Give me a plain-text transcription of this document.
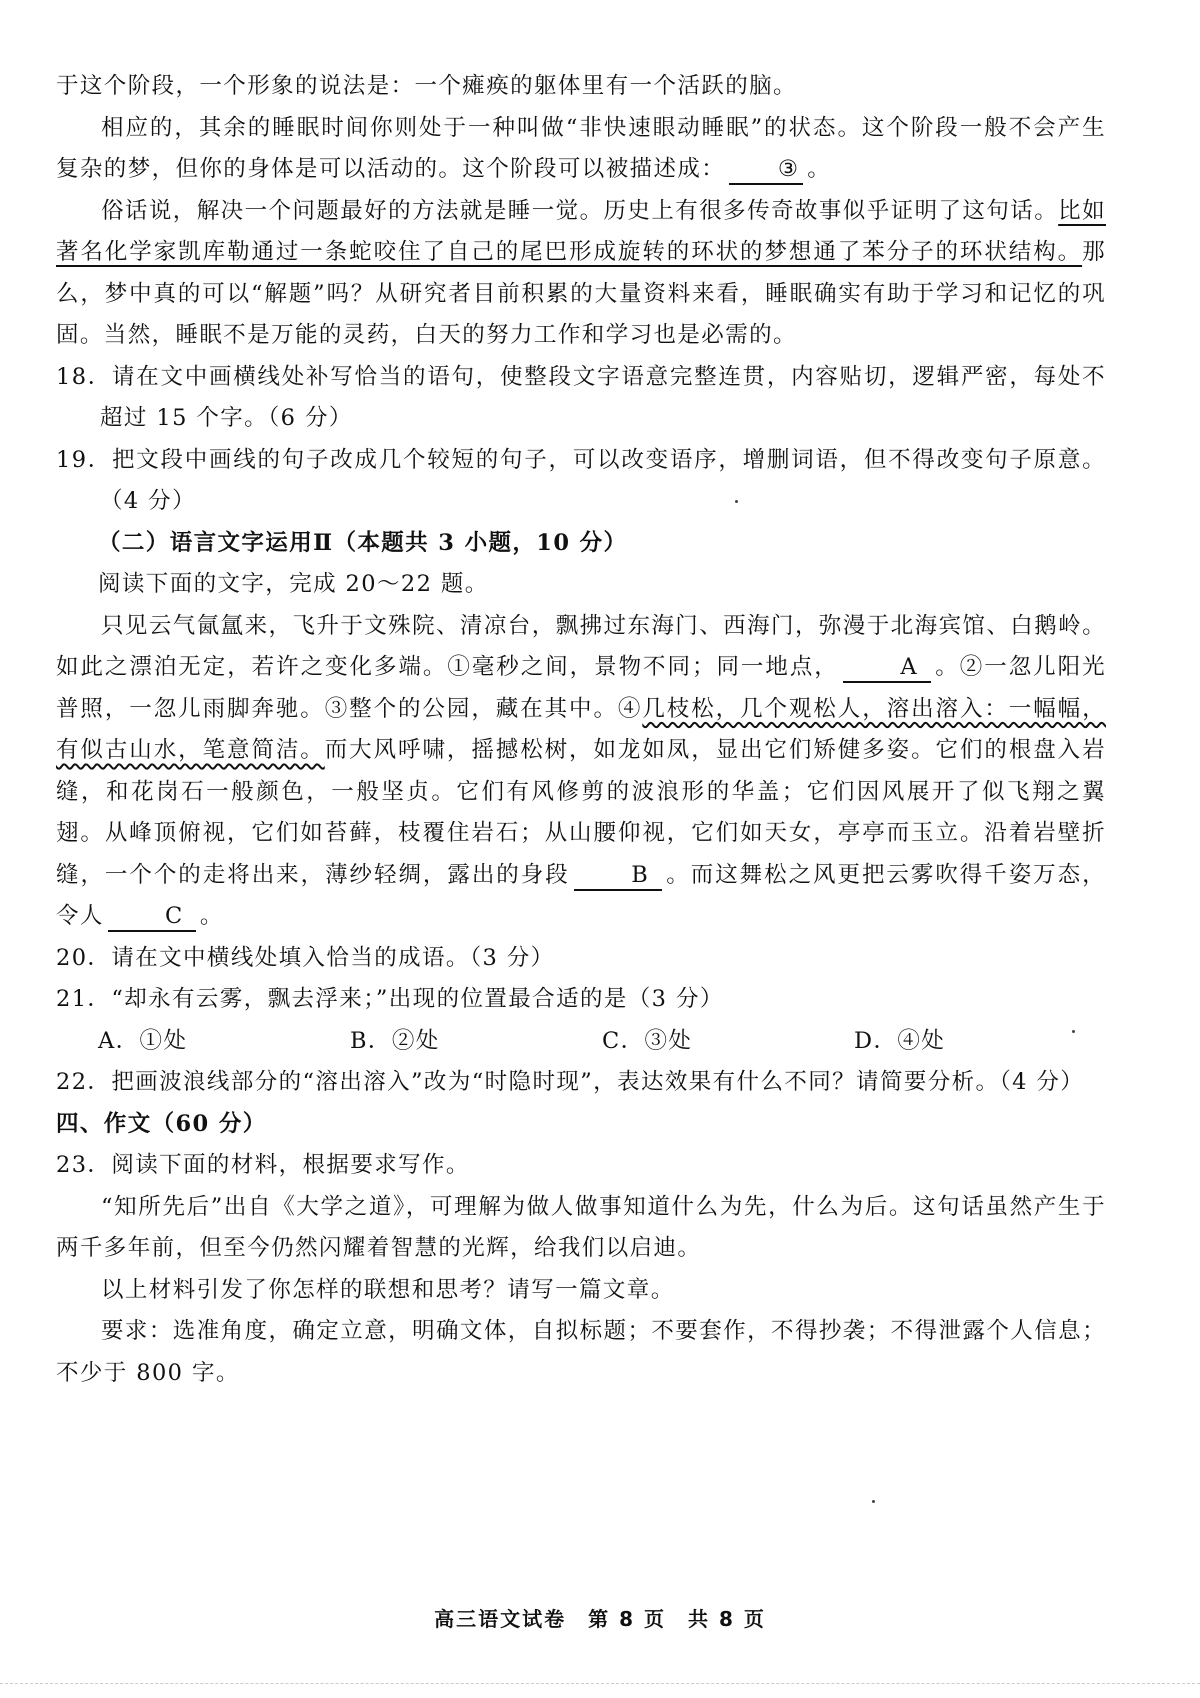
于这个阶段，一个形象的说法是：一个瘫痪的躯体里有一个活跃的脑。

相应的，其余的睡眠时间你则处于一种叫做“非快速眼动睡眠”的状态。这个阶段一般不会产生复杂的梦，但你的身体是可以活动的。这个阶段可以被描述成： ③ 。

俗话说，解决一个问题最好的方法就是睡一觉。历史上有很多传奇故事似乎证明了这句话。比如著名化学家凯库勒通过一条蛇咬住了自己的尾巴形成旋转的环状的梦想通了苯分子的环状结构。那么，梦中真的可以“解题”吗？从研究者目前积累的大量资料来看，睡眠确实有助于学习和记忆的巩固。当然，睡眠不是万能的灵药，白天的努力工作和学习也是必需的。

18．请在文中画横线处补写恰当的语句，使整段文字语意完整连贯，内容贴切，逻辑严密，每处不超过 15 个字。（6 分）

19．把文段中画线的句子改成几个较短的句子，可以改变语序，增删词语，但不得改变句子原意。（4 分）

（二）语言文字运用Ⅱ（本题共 3 小题，10 分）

阅读下面的文字，完成 20～22 题。

只见云气氤氲来，飞升于文殊院、清凉台，飘拂过东海门、西海门，弥漫于北海宾馆、白鹅岭。如此之漂泊无定，若许之变化多端。①毫秒之间，景物不同；同一地点，	A 。②一忽儿阳光普照，一忽儿雨脚奔驰。③整个的公园，藏在其中。④几枝松，几个观松人，溶出溶入：一幅幅，有似古山水，笔意简洁。而大风呼啸，摇撼松树，如龙如凤，显出它们矫健多姿。它们的根盘入岩缝，和花岗石一般颜色，一般坚贞。它们有风修剪的波浪形的华盖；它们因风展开了似飞翔之翼翅。从峰顶俯视，它们如苔藓，枝覆住岩石；从山腰仰视，它们如天女，亭亭而玉立。沿着岩壁折缝，一个个的走将出来，薄纱轻绸，露出的身段	B 。而这舞松之风更把云雾吹得千姿万态，令人	C 。

20．请在文中横线处填入恰当的成语。（3 分）

21．“却永有云雾，飘去浮来；”出现的位置最合适的是（3 分）

A．①处	B．②处	C．③处	D．④处

22．把画波浪线部分的“溶出溶入”改为“时隐时现”，表达效果有什么不同？请简要分析。（4 分）

四、作文（60 分）

23．阅读下面的材料，根据要求写作。

“知所先后”出自《大学之道》，可理解为做人做事知道什么为先，什么为后。这句话虽然产生于两千多年前，但至今仍然闪耀着智慧的光辉，给我们以启迪。

以上材料引发了你怎样的联想和思考？请写一篇文章。

要求：选准角度，确定立意，明确文体，自拟标题；不要套作，不得抄袭；不得泄露个人信息；不少于 800 字。

高三语文试卷　第 8 页　共 8 页
